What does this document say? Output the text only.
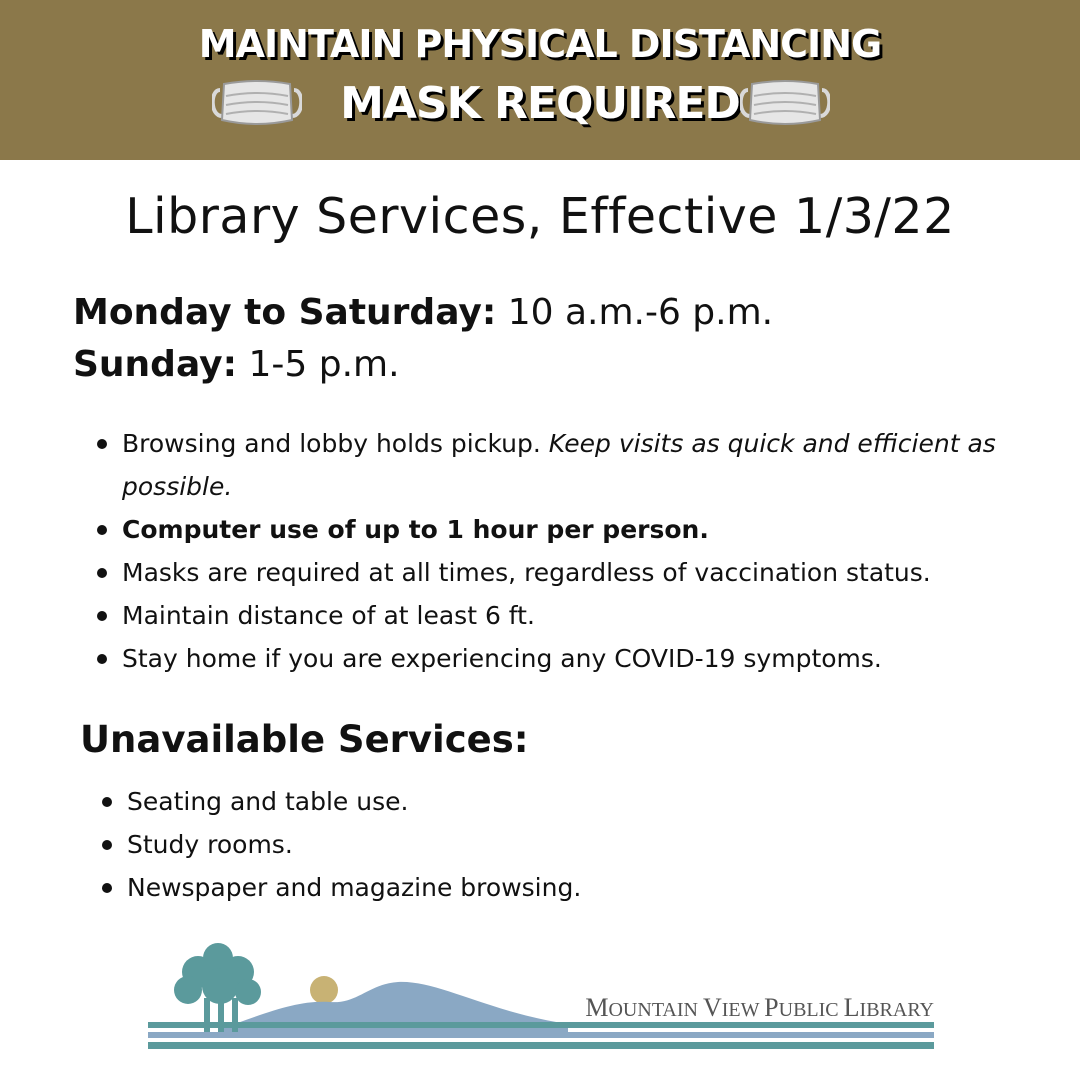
MAINTAIN PHYSICAL DISTANCING
MASK REQUIRED
Library Services, Effective 1/3/22
Monday to Saturday: 10 a.m.-6 p.m.
Sunday: 1-5 p.m.
Browsing and lobby holds pickup. Keep visits as quick and efficient as possible.
Computer use of up to 1 hour per person.
Masks are required at all times, regardless of vaccination status.
Maintain distance of at least 6 ft.
Stay home if you are experiencing any COVID-19 symptoms.
Unavailable Services:
Seating and table use.
Study rooms.
Newspaper and magazine browsing.
MOUNTAIN VIEW PUBLIC LIBRARY
